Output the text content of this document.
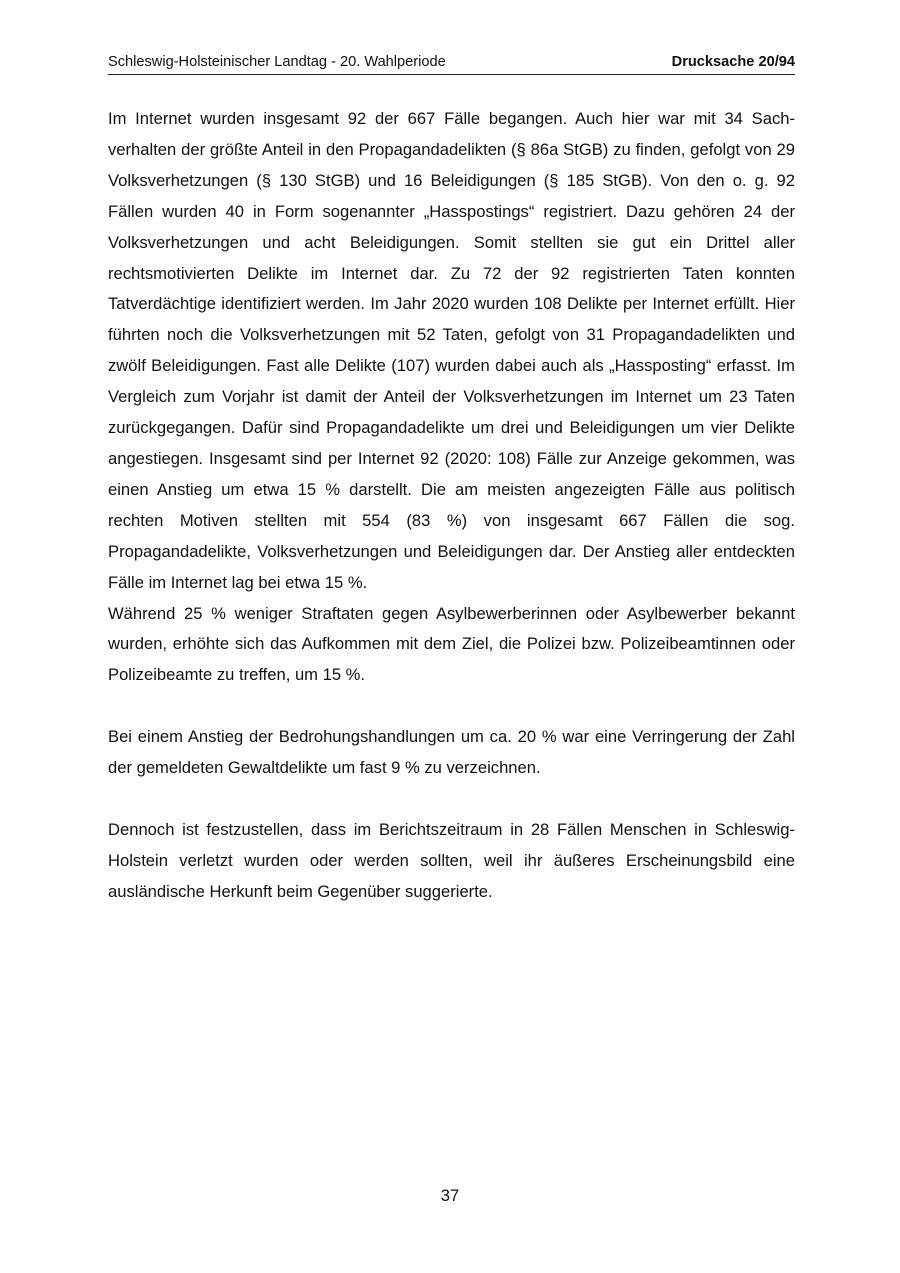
Schleswig-Holsteinischer Landtag - 20. Wahlperiode	Drucksache 20/94

Im Internet wurden insgesamt 92 der 667 Fälle begangen. Auch hier war mit 34 Sachverhalten der größte Anteil in den Propagandadelikten (§ 86a StGB) zu finden, gefolgt von 29 Volksverhetzungen (§ 130 StGB) und 16 Beleidigungen (§ 185 StGB). Von den o. g. 92 Fällen wurden 40 in Form sogenannter „Hasspostings“ registriert. Dazu gehören 24 der Volksverhetzungen und acht Beleidigungen. Somit stellten sie gut ein Drittel aller rechtsmotivierten Delikte im Internet dar. Zu 72 der 92 registrierten Taten konnten Tatverdächtige identifiziert werden. Im Jahr 2020 wurden 108 Delikte per Internet erfüllt. Hier führten noch die Volksverhetzungen mit 52 Taten, gefolgt von 31 Propagandadelikten und zwölf Beleidigungen. Fast alle Delikte (107) wurden dabei auch als „Hassposting“ erfasst. Im Vergleich zum Vorjahr ist damit der Anteil der Volksverhetzungen im Internet um 23 Taten zurückgegangen. Dafür sind Propagandadelikte um drei und Beleidigungen um vier Delikte angestiegen. Insgesamt sind per Internet 92 (2020: 108) Fälle zur Anzeige gekommen, was einen Anstieg um etwa 15 % darstellt. Die am meisten angezeigten Fälle aus politisch rechten Motiven stellten mit 554 (83 %) von insgesamt 667 Fällen die sog. Propagandadelikte, Volksverhetzungen und Beleidigungen dar. Der Anstieg aller entdeckten Fälle im Internet lag bei etwa 15 %.

Während 25 % weniger Straftaten gegen Asylbewerberinnen oder Asylbewerber bekannt wurden, erhöhte sich das Aufkommen mit dem Ziel, die Polizei bzw. Polizeibeamtinnen oder Polizeibeamte zu treffen, um 15 %.

Bei einem Anstieg der Bedrohungshandlungen um ca. 20 % war eine Verringerung der Zahl der gemeldeten Gewaltdelikte um fast 9 % zu verzeichnen.

Dennoch ist festzustellen, dass im Berichtszeitraum in 28 Fällen Menschen in Schleswig-Holstein verletzt wurden oder werden sollten, weil ihr äußeres Erscheinungsbild eine ausländische Herkunft beim Gegenüber suggerierte.

37
